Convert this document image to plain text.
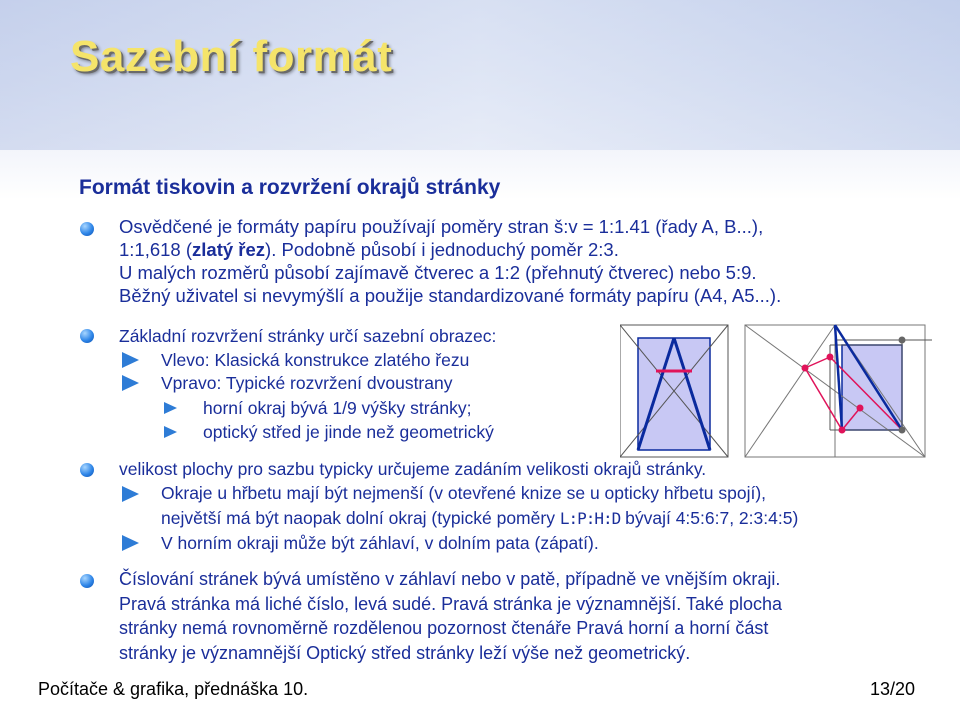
Sazební formát
Formát tiskovin a rozvržení okrajů stránky
Osvědčené je formáty papíru používají poměry stran š:v = 1:1.41 (řady A, B...),
1:1,618 (zlatý řez). Podobně působí i jednoduchý poměr 2:3.
U malých rozměrů působí zajímavě čtverec a 1:2 (přehnutý čtverec) nebo 5:9.
Běžný uživatel si nevymýšlí a použije standardizované formáty papíru (A4, A5...).
Základní rozvržení stránky určí sazební obrazec:
Vlevo: Klasická konstrukce zlatého řezu
Vpravo: Typické rozvržení dvoustrany
horní okraj bývá 1/9 výšky stránky;
optický střed je jinde než geometrický
velikost plochy pro sazbu typicky určujeme zadáním velikosti okrajů stránky.
Okraje u hřbetu mají být nejmenší (v otevřené knize se u opticky hřbetu spojí),
největší má být naopak dolní okraj (typické poměry L:P:H:D bývají 4:5:6:7, 2:3:4:5)
V horním okraji může být záhlaví, v dolním pata (zápatí).
Číslování stránek bývá umístěno v záhlaví nebo v patě, případně ve vnějším okraji.
Pravá stránka má liché číslo, levá sudé. Pravá stránka je významnější. Také plocha
stránky nemá rovnoměrně rozdělenou pozornost čtenáře Pravá horní a horní část
stránky je významnější Optický střed stránky leží výše než geometrický.
Počítače & grafika, přednáška 10.	13/20
